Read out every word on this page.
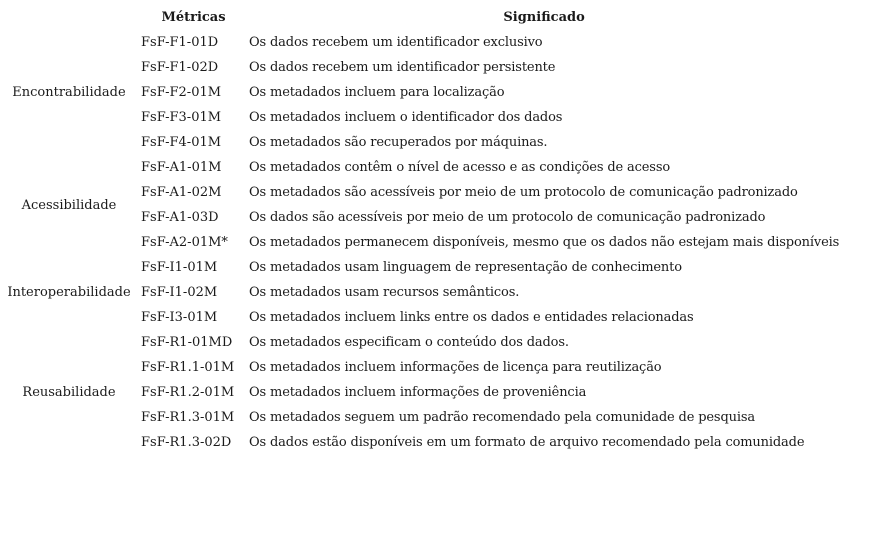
	Métricas	Significado
Encontrabilidade	FsF-F1-01D	Os dados recebem um identificador exclusivo
	FsF-F1-02D	Os dados recebem um identificador persistente
	FsF-F2-01M	Os metadados incluem para localização
	FsF-F3-01M	Os metadados incluem o identificador dos dados
	FsF-F4-01M	Os metadados são recuperados por máquinas.
Acessibilidade	FsF-A1-01M	Os metadados contêm o nível de acesso e as condições de acesso
	FsF-A1-02M	Os metadados são acessíveis por meio de um protocolo de comunicação padronizado
	FsF-A1-03D	Os dados são acessíveis por meio de um protocolo de comunicação padronizado
	FsF-A2-01M*	Os metadados permanecem disponíveis, mesmo que os dados não estejam mais disponíveis
Interoperabilidade	FsF-I1-01M	Os metadados usam linguagem de representação de conhecimento
	FsF-I1-02M	Os metadados usam recursos semânticos.
	FsF-I3-01M	Os metadados incluem links entre os dados e entidades relacionadas
Reusabilidade	FsF-R1-01MD	Os metadados especificam o conteúdo dos dados.
	FsF-R1.1-01M	Os metadados incluem informações de licença para reutilização
	FsF-R1.2-01M	Os metadados incluem informações de proveniência
	FsF-R1.3-01M	Os metadados seguem um padrão recomendado pela comunidade de pesquisa
	FsF-R1.3-02D	Os dados estão disponíveis em um formato de arquivo recomendado pela comunidade
